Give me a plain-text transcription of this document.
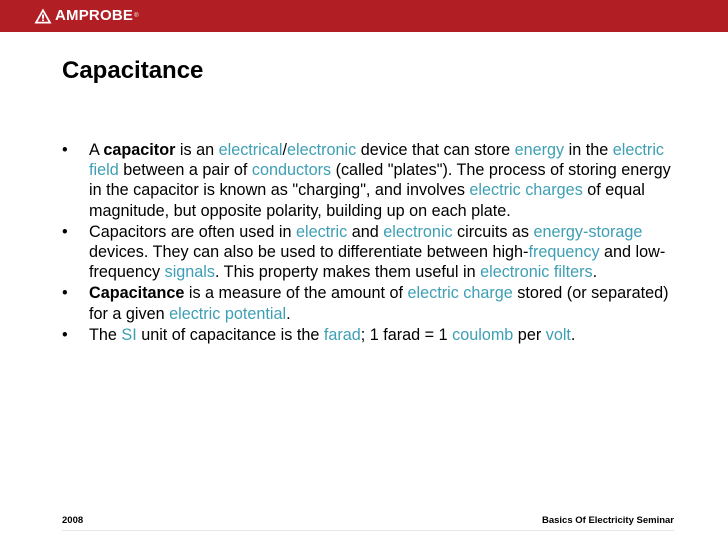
AMPROBE ®
Capacitance
• A capacitor is an electrical/electronic device that can store energy in the electric field between a pair of conductors (called "plates"). The process of storing energy in the capacitor is known as "charging", and involves electric charges of equal magnitude, but opposite polarity, building up on each plate.
• Capacitors are often used in electric and electronic circuits as energy-storage devices. They can also be used to differentiate between high-frequency and low-frequency signals. This property makes them useful in electronic filters.
• Capacitance is a measure of the amount of electric charge stored (or separated) for a given electric potential.
• The SI unit of capacitance is the farad; 1 farad = 1 coulomb per volt.
2008	Basics Of Electricity Seminar
